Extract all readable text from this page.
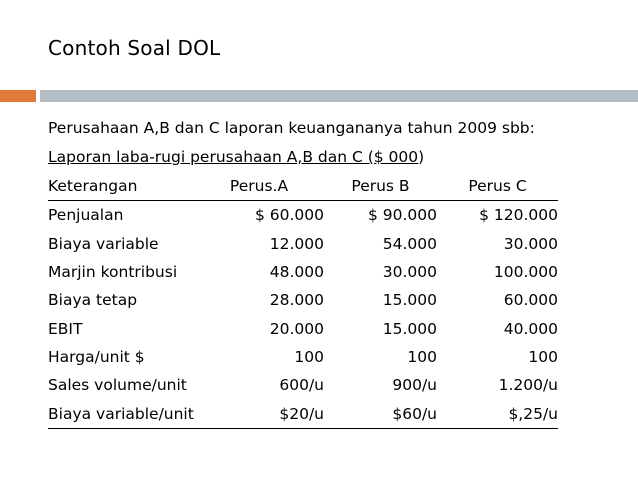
Contoh Soal DOL
Perusahaan A,B dan C laporan keuangananya tahun 2009 sbb:
Laporan laba-rugi perusahaan A,B dan C ($ 000)
Keterangan	Perus.A	Perus B	Perus C
Penjualan	$ 60.000	$ 90.000	$ 120.000
Biaya variable	12.000	54.000	30.000
Marjin kontribusi	48.000	30.000	100.000
Biaya tetap	28.000	15.000	60.000
EBIT	20.000	15.000	40.000
Harga/unit $	100	100	100
Sales volume/unit	600/u	900/u	1.200/u
Biaya variable/unit	$20/u	$60/u	$,25/u
